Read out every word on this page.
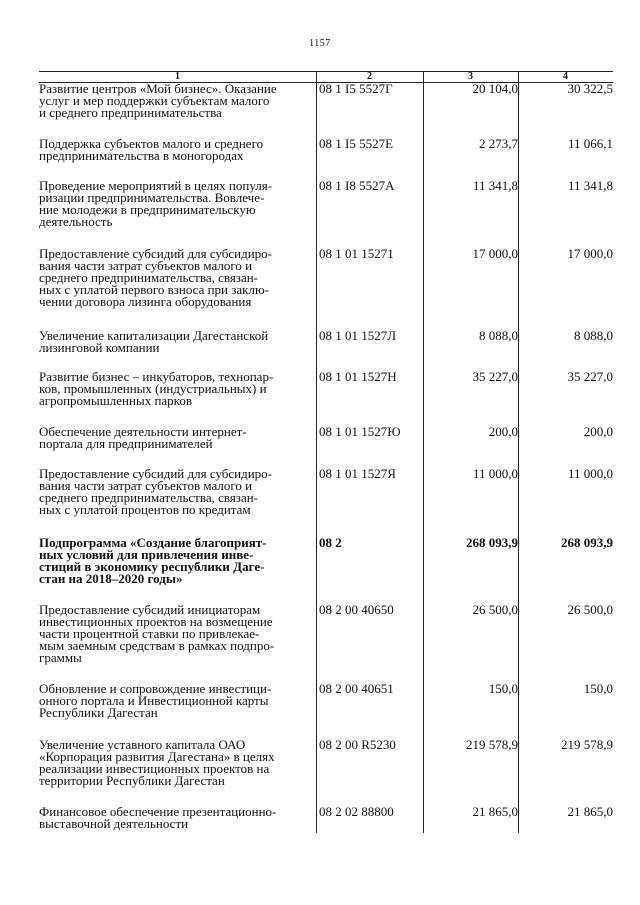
1157
1	2	3	4
Развитие центров «Мой бизнес». Оказание
услуг и мер поддержки субъектам малого
и среднего предпринимательства
08 1 I5 5527Г	20 104,0	30 322,5
Поддержка субъектов малого и среднего
предпринимательства в моногородах
08 1 I5 5527Е	2 273,7	11 066,1
Проведение мероприятий в целях популя-
ризации предпринимательства. Вовлече-
ние молодежи в предпринимательскую
деятельность
08 1 I8 5527А	11 341,8	11 341,8
Предоставление субсидий для субсидиро-
вания части затрат субъектов малого и
среднего предпринимательства, связан-
ных с уплатой первого взноса при заклю-
чении договора лизинга оборудования
08 1 01 15271	17 000,0	17 000,0
Увеличение капитализации Дагестанской
лизинговой компании
08 1 01 1527Л	8 088,0	8 088,0
Развитие бизнес – инкубаторов, технопар-
ков, промышленных (индустриальных) и
агропромышленных парков
08 1 01 1527Н	35 227,0	35 227,0
Обеспечение деятельности интернет-
портала для предпринимателей
08 1 01 1527Ю	200,0	200,0
Предоставление субсидий для субсидиро-
вания части затрат субъектов малого и
среднего предпринимательства, связан-
ных с уплатой процентов по кредитам
08 1 01 1527Я	11 000,0	11 000,0
Подпрограмма «Создание благоприят-
ных условий для привлечения инве-
стиций в экономику республики Даге-
стан на 2018–2020 годы»
08 2	268 093,9	268 093,9
Предоставление субсидий инициаторам
инвестиционных проектов на возмещение
части процентной ставки по привлекае-
мым заемным средствам в рамках подпро-
граммы
08 2 00 40650	26 500,0	26 500,0
Обновление и сопровождение инвестици-
онного портала и Инвестиционной карты
Республики Дагестан
08 2 00 40651	150,0	150,0
Увеличение уставного капитала ОАО
«Корпорация развития Дагестана» в целях
реализации инвестиционных проектов на
территории Республики Дагестан
08 2 00 R5230	219 578,9	219 578,9
Финансовое обеспечение презентационно-
выставочной деятельности
08 2 02 88800	21 865,0	21 865,0
